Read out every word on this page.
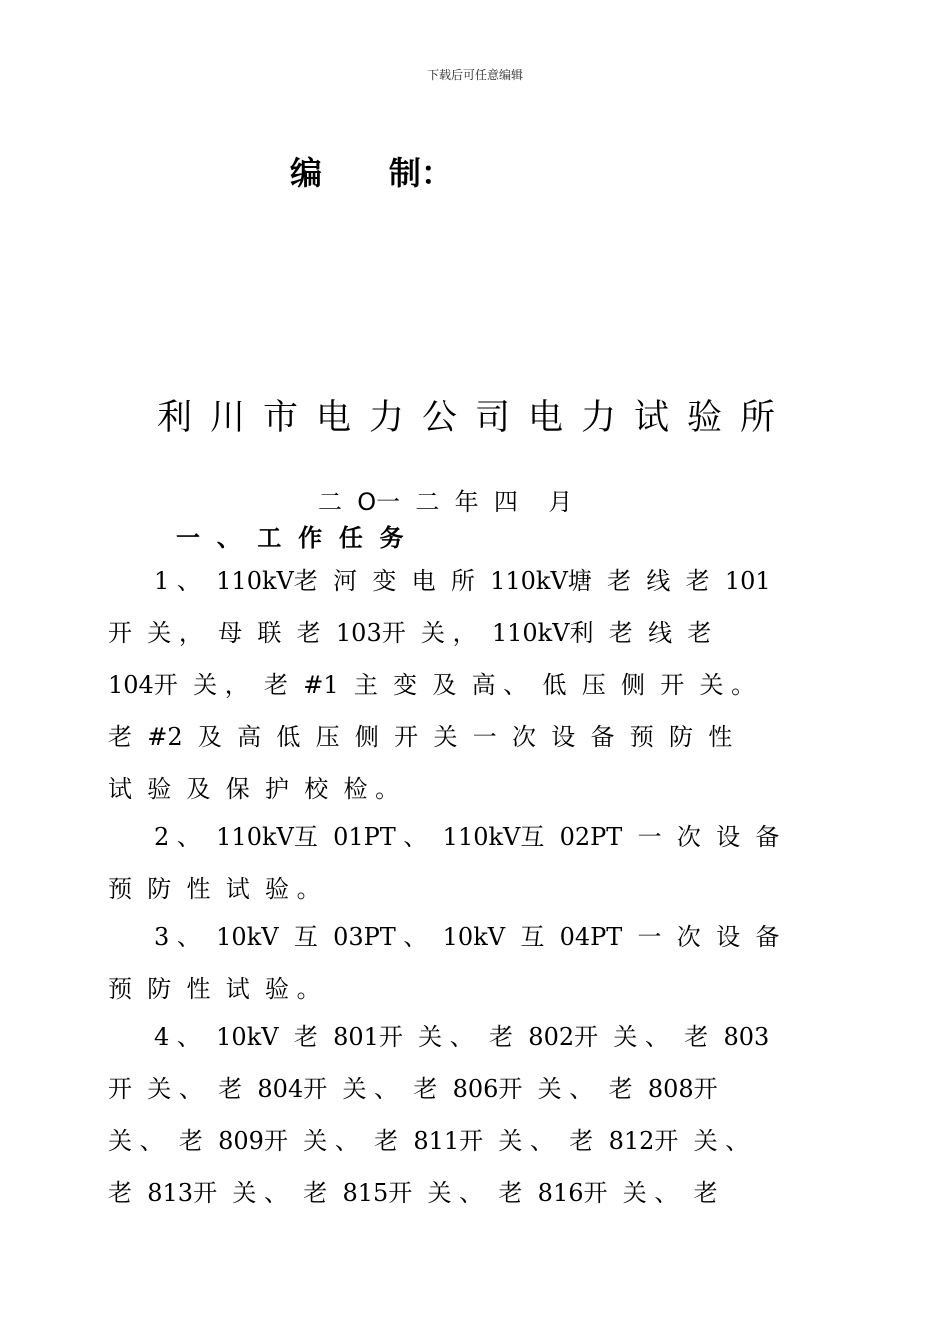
下载后可任意编辑
编      制：
利川市电力公司电力试验所
二  O一  二  年  四    月
一  、  工  作  任  务
1 、  110kV老  河  变  电  所  110kV塘  老  线  老  101
开  关 ，  母  联  老  103开  关 ，  110kV利  老  线  老
104开  关 ，  老  #1  主  变  及  高 、  低  压  侧  开  关 。
老  #2  及  高  低  压  侧  开  关  一  次  设  备  预  防  性
试  验  及  保  护  校  检 。
2 、  110kV互  01PT 、  110kV互  02PT  一  次  设  备
预  防  性  试  验 。
3 、  10kV  互  03PT 、  10kV  互  04PT  一  次  设  备
预  防  性  试  验 。
4 、  10kV  老  801开  关 、  老  802开  关 、  老  803
开  关 、  老  804开  关 、  老  806开  关 、  老  808开
关 、  老  809开  关 、  老  811开  关 、  老  812开  关 、
老  813开  关 、  老  815开  关 、  老  816开  关 、  老
